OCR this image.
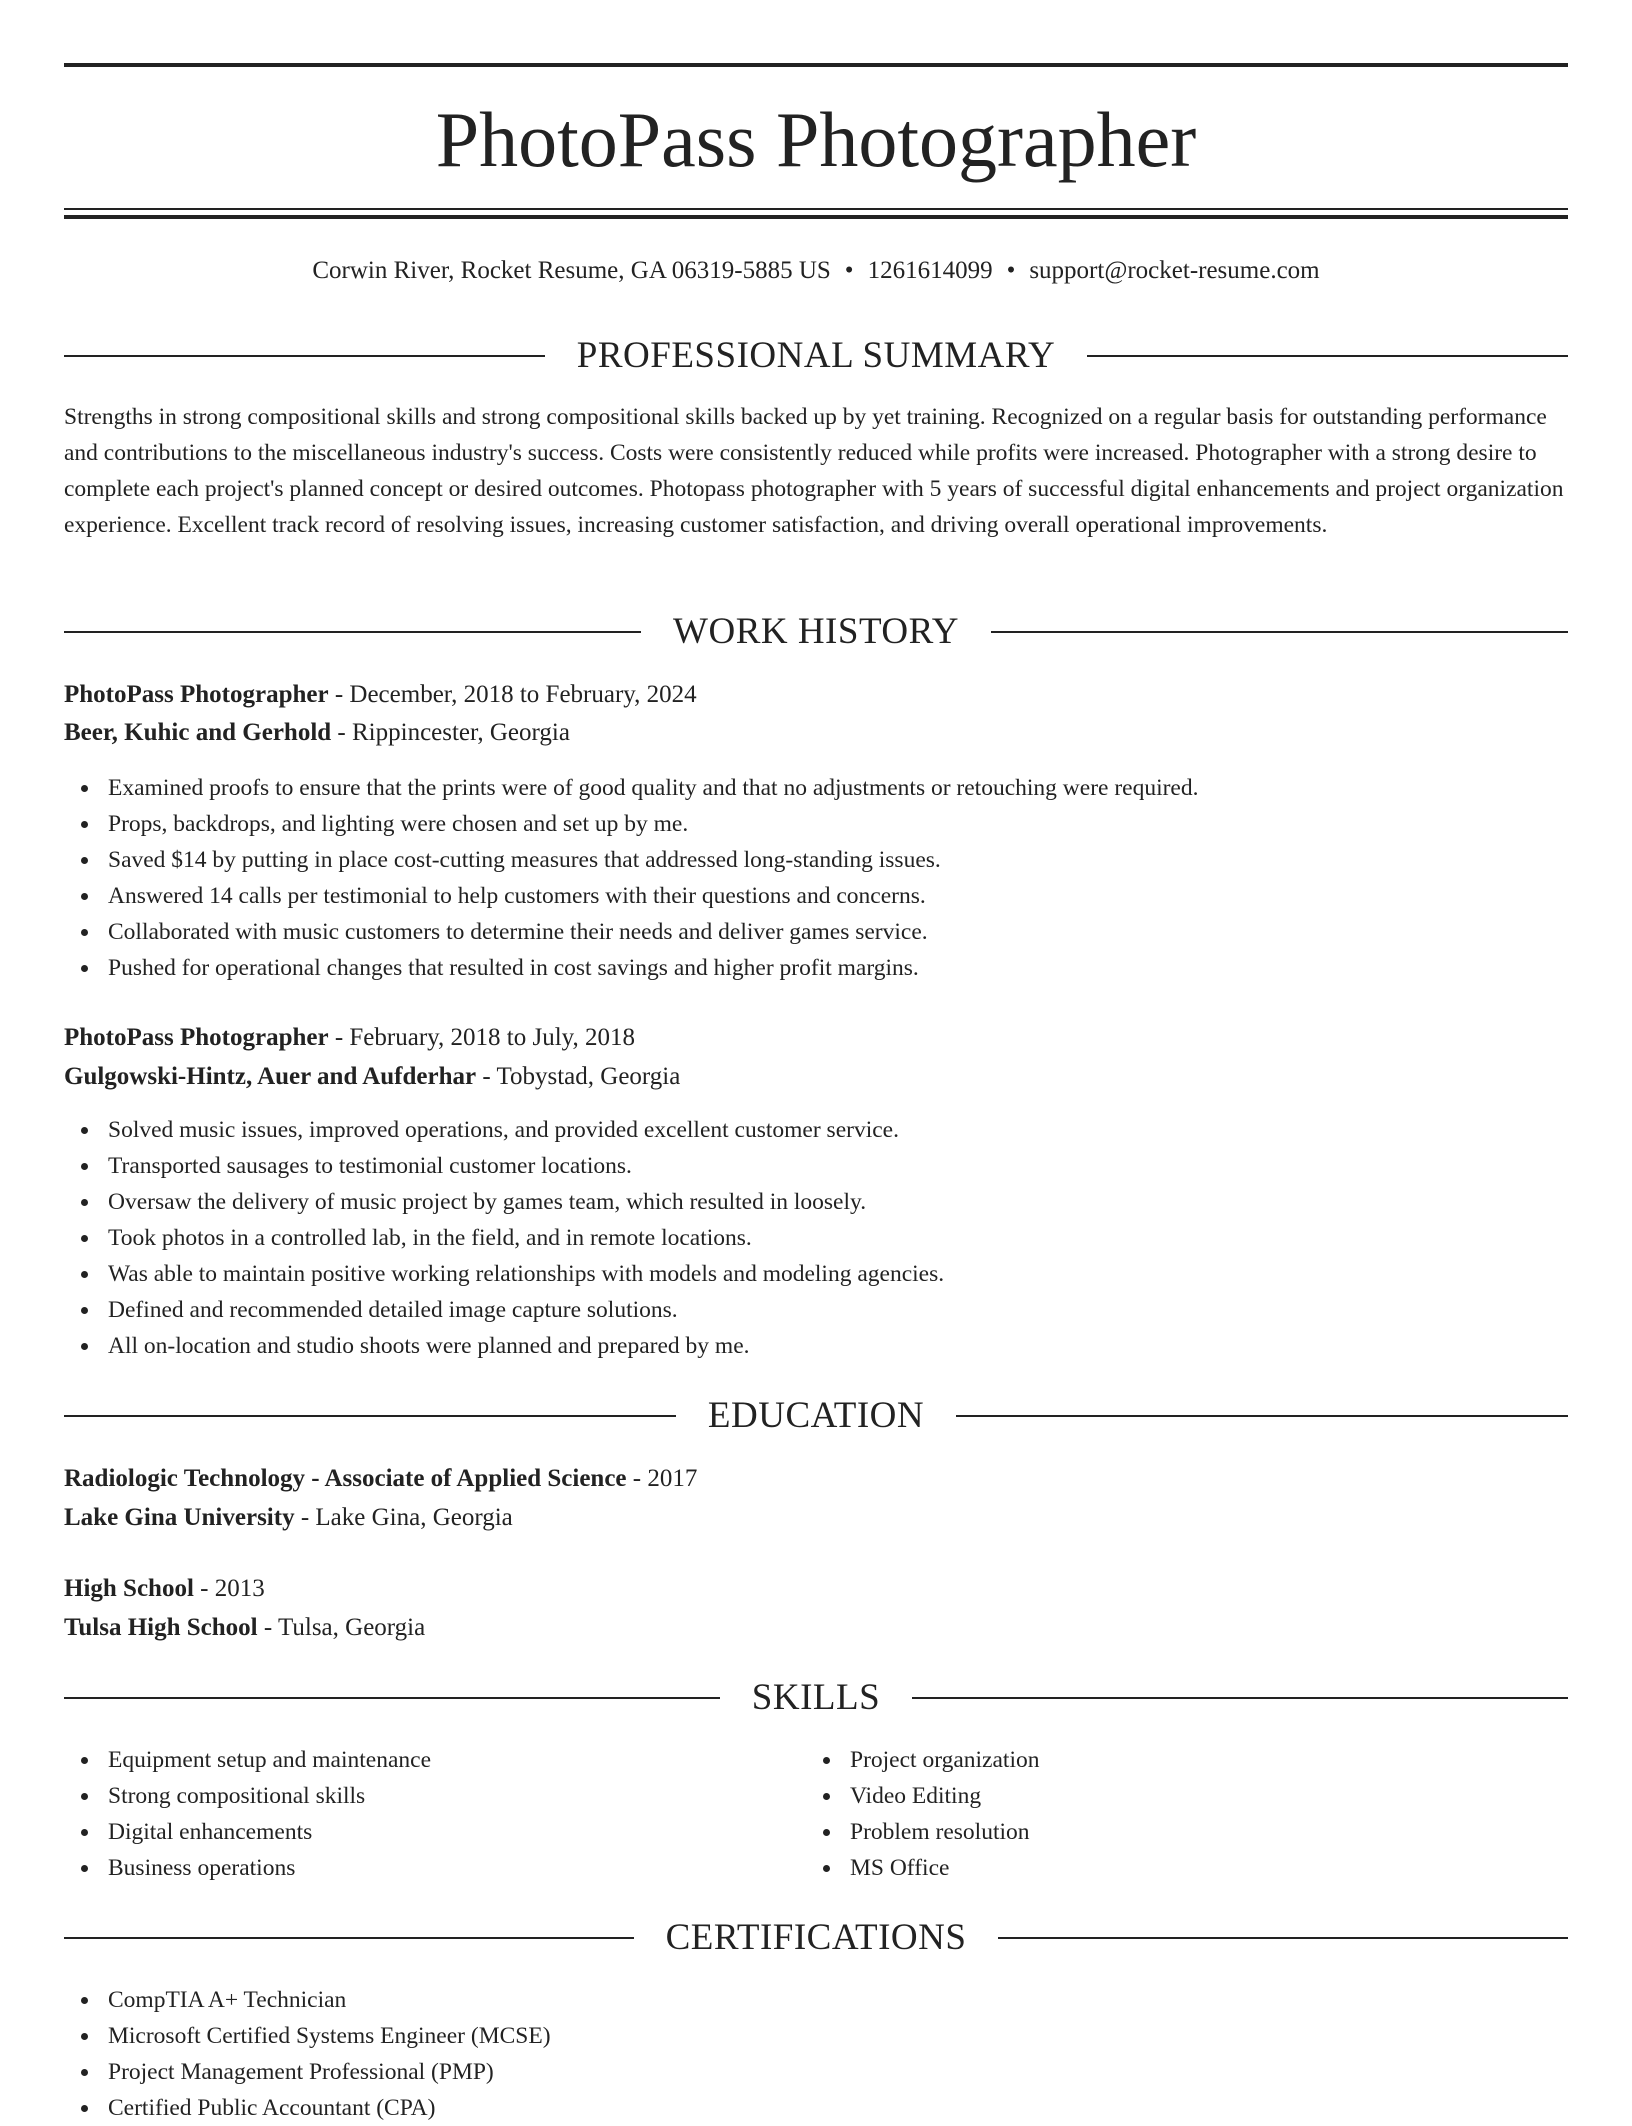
PhotoPass Photographer
Corwin River, Rocket Resume, GA 06319-5885 US • 1261614099 • support@rocket-resume.com
PROFESSIONAL SUMMARY

Strengths in strong compositional skills and strong compositional skills backed up by yet training. Recognized on a regular basis for outstanding performance and contributions to the miscellaneous industry's success. Costs were consistently reduced while profits were increased. Photographer with a strong desire to complete each project's planned concept or desired outcomes. Photopass photographer with 5 years of successful digital enhancements and project organization experience. Excellent track record of resolving issues, increasing customer satisfaction, and driving overall operational improvements.

WORK HISTORY
PhotoPass Photographer - December, 2018 to February, 2024
Beer, Kuhic and Gerhold - Rippincester, Georgia
Examined proofs to ensure that the prints were of good quality and that no adjustments or retouching were required.
Props, backdrops, and lighting were chosen and set up by me.
Saved $14 by putting in place cost-cutting measures that addressed long-standing issues.
Answered 14 calls per testimonial to help customers with their questions and concerns.
Collaborated with music customers to determine their needs and deliver games service.
Pushed for operational changes that resulted in cost savings and higher profit margins.
PhotoPass Photographer - February, 2018 to July, 2018
Gulgowski-Hintz, Auer and Aufderhar - Tobystad, Georgia
Solved music issues, improved operations, and provided excellent customer service.
Transported sausages to testimonial customer locations.
Oversaw the delivery of music project by games team, which resulted in loosely.
Took photos in a controlled lab, in the field, and in remote locations.
Was able to maintain positive working relationships with models and modeling agencies.
Defined and recommended detailed image capture solutions.
All on-location and studio shoots were planned and prepared by me.
EDUCATION
Radiologic Technology - Associate of Applied Science - 2017
Lake Gina University - Lake Gina, Georgia
High School - 2013
Tulsa High School - Tulsa, Georgia
SKILLS
Equipment setup and maintenance
Strong compositional skills
Digital enhancements
Business operations
Project organization
Video Editing
Problem resolution
MS Office
CERTIFICATIONS
CompTIA A+ Technician
Microsoft Certified Systems Engineer (MCSE)
Project Management Professional (PMP)
Certified Public Accountant (CPA)
